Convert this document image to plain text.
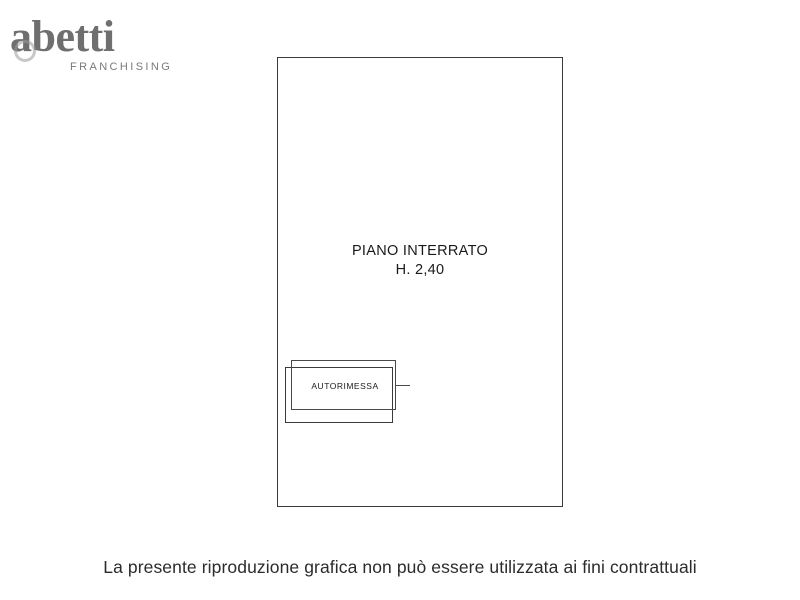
abetti
FRANCHISING
PIANO INTERRATO
H. 2,40
AUTORIMESSA
La presente riproduzione grafica non può essere utilizzata ai fini contrattuali
